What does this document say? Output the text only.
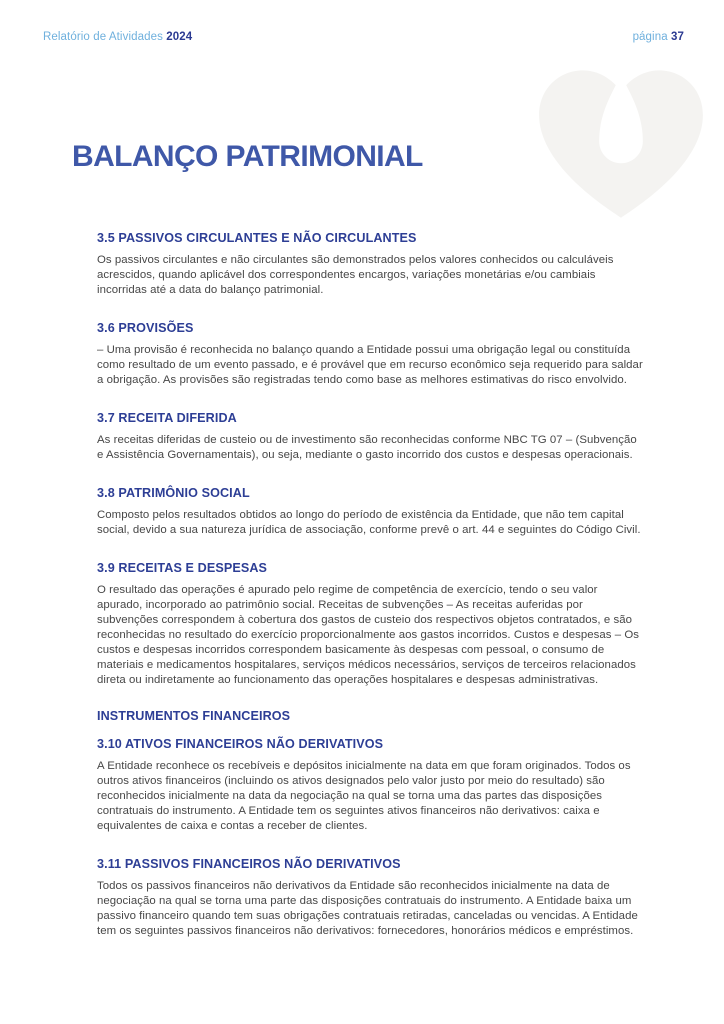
Relatório de Atividades 2024	página 37
BALANÇO PATRIMONIAL
3.5 PASSIVOS CIRCULANTES E NÃO CIRCULANTES

Os passivos circulantes e não circulantes são demonstrados pelos valores conhecidos ou calculáveis acrescidos, quando aplicável dos correspondentes encargos, variações monetárias e/ou cambiais incorridas até a data do balanço patrimonial.

3.6 PROVISÕES

– Uma provisão é reconhecida no balanço quando a Entidade possui uma obrigação legal ou constituída como resultado de um evento passado, e é provável que em recurso econômico seja requerido para saldar a obrigação. As provisões são registradas tendo como base as melhores estimativas do risco envolvido.

3.7 RECEITA DIFERIDA

As receitas diferidas de custeio ou de investimento são reconhecidas conforme NBC TG 07 – (Subvenção e Assistência Governamentais), ou seja, mediante o gasto incorrido dos custos e despesas operacionais.

3.8 PATRIMÔNIO SOCIAL

Composto pelos resultados obtidos ao longo do período de existência da Entidade, que não tem capital social, devido a sua natureza jurídica de associação, conforme prevê o art. 44 e seguintes do Código Civil.

3.9 RECEITAS E DESPESAS

O resultado das operações é apurado pelo regime de competência de exercício, tendo o seu valor apurado, incorporado ao patrimônio social. Receitas de subvenções – As receitas auferidas por subvenções correspondem à cobertura dos gastos de custeio dos respectivos objetos contratados, e são reconhecidas no resultado do exercício proporcionalmente aos gastos incorridos. Custos e despesas – Os custos e despesas incorridos correspondem basicamente às despesas com pessoal, o consumo de materiais e medicamentos hospitalares, serviços médicos necessários, serviços de terceiros relacionados direta ou indiretamente ao funcionamento das operações hospitalares e despesas administrativas.

INSTRUMENTOS FINANCEIROS
3.10 ATIVOS FINANCEIROS NÃO DERIVATIVOS

A Entidade reconhece os recebíveis e depósitos inicialmente na data em que foram originados. Todos os outros ativos financeiros (incluindo os ativos designados pelo valor justo por meio do resultado) são reconhecidos inicialmente na data da negociação na qual se torna uma das partes das disposições contratuais do instrumento. A Entidade tem os seguintes ativos financeiros não derivativos: caixa e equivalentes de caixa e contas a receber de clientes.

3.11 PASSIVOS FINANCEIROS NÃO DERIVATIVOS

Todos os passivos financeiros não derivativos da Entidade são reconhecidos inicialmente na data de negociação na qual se torna uma parte das disposições contratuais do instrumento. A Entidade baixa um passivo financeiro quando tem suas obrigações contratuais retiradas, canceladas ou vencidas. A Entidade tem os seguintes passivos financeiros não derivativos: fornecedores, honorários médicos e empréstimos.
